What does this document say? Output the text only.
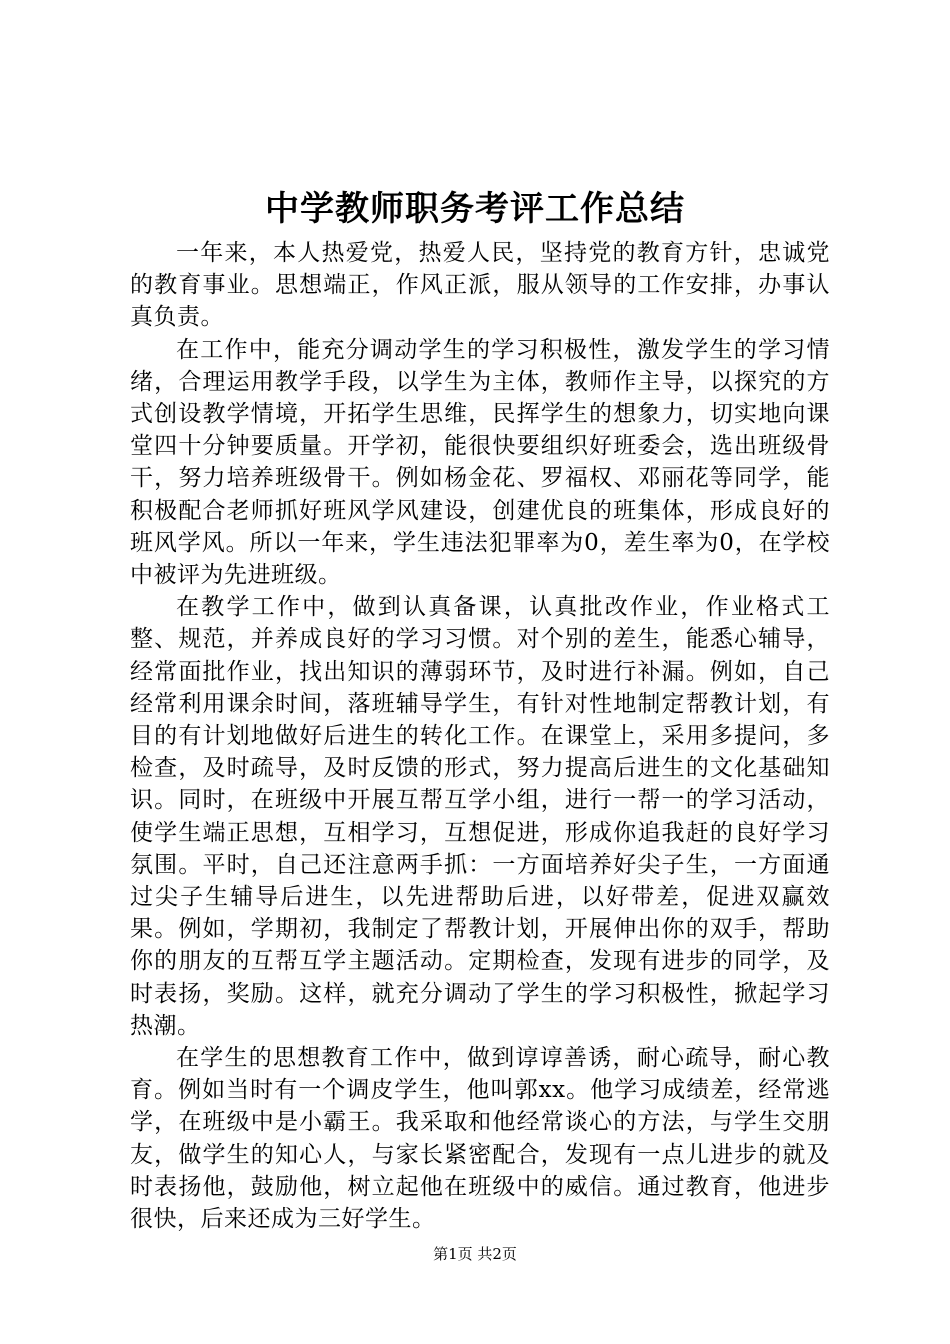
中学教师职务考评工作总结

一年来，本人热爱党，热爱人民，坚持党的教育方针，忠诚党的教育事业。思想端正，作风正派，服从领导的工作安排，办事认真负责。

在工作中，能充分调动学生的学习积极性，激发学生的学习情绪，合理运用教学手段，以学生为主体，教师作主导，以探究的方式创设教学情境，开拓学生思维，民挥学生的想象力，切实地向课堂四十分钟要质量。开学初，能很快要组织好班委会，选出班级骨干，努力培养班级骨干。例如杨金花、罗福权、邓丽花等同学，能积极配合老师抓好班风学风建设，创建优良的班集体，形成良好的班风学风。所以一年来，学生违法犯罪率为0，差生率为0，在学校中被评为先进班级。

在教学工作中，做到认真备课，认真批改作业，作业格式工整、规范，并养成良好的学习习惯。对个别的差生，能悉心辅导，经常面批作业，找出知识的薄弱环节，及时进行补漏。例如，自己经常利用课余时间，落班辅导学生，有针对性地制定帮教计划，有目的有计划地做好后进生的转化工作。在课堂上，采用多提问，多检查，及时疏导，及时反馈的形式，努力提高后进生的文化基础知识。同时，在班级中开展互帮互学小组，进行一帮一的学习活动，使学生端正思想，互相学习，互想促进，形成你追我赶的良好学习氛围。平时，自己还注意两手抓：一方面培养好尖子生，一方面通过尖子生辅导后进生，以先进帮助后进，以好带差，促进双赢效果。例如，学期初，我制定了帮教计划，开展伸出你的双手，帮助你的朋友的互帮互学主题活动。定期检查，发现有进步的同学，及时表扬，奖励。这样，就充分调动了学生的学习积极性，掀起学习热潮。

在学生的思想教育工作中，做到谆谆善诱，耐心疏导，耐心教育。例如当时有一个调皮学生，他叫郭xx。他学习成绩差，经常逃学，在班级中是小霸王。我采取和他经常谈心的方法，与学生交朋友，做学生的知心人，与家长紧密配合，发现有一点儿进步的就及时表扬他，鼓励他，树立起他在班级中的威信。通过教育，他进步很快，后来还成为三好学生。

第1页 共2页
